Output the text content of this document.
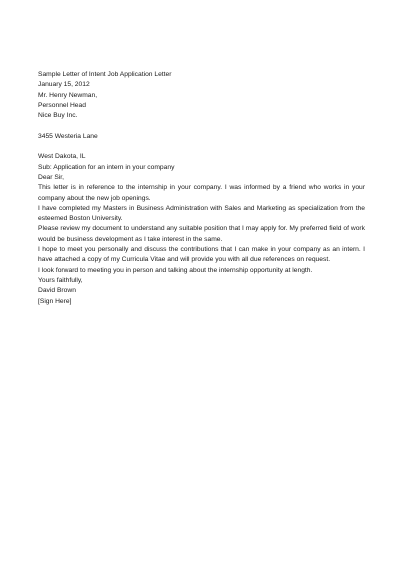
Sample Letter of Intent Job Application Letter
January 15, 2012
Mr. Henry Newman,
Personnel Head
Nice Buy Inc.
3455 Westeria Lane
West Dakota, IL
Sub: Application for an intern in your company
Dear Sir,
This letter is in reference to the internship in your company. I was informed by a friend who works in your company about the new job openings.
I have completed my Masters in Business Administration with Sales and Marketing as specialization from the esteemed Boston University.
Please review my document to understand any suitable position that I may apply for. My preferred field of work would be business development as I take interest in the same.
I hope to meet you personally and discuss the contributions that I can make in your company as an intern. I have attached a copy of my Curricula Vitae and will provide you with all due references on request.
I look forward to meeting you in person and talking about the internship opportunity at length.
Yours faithfully,
David Brown
[Sign Here]
